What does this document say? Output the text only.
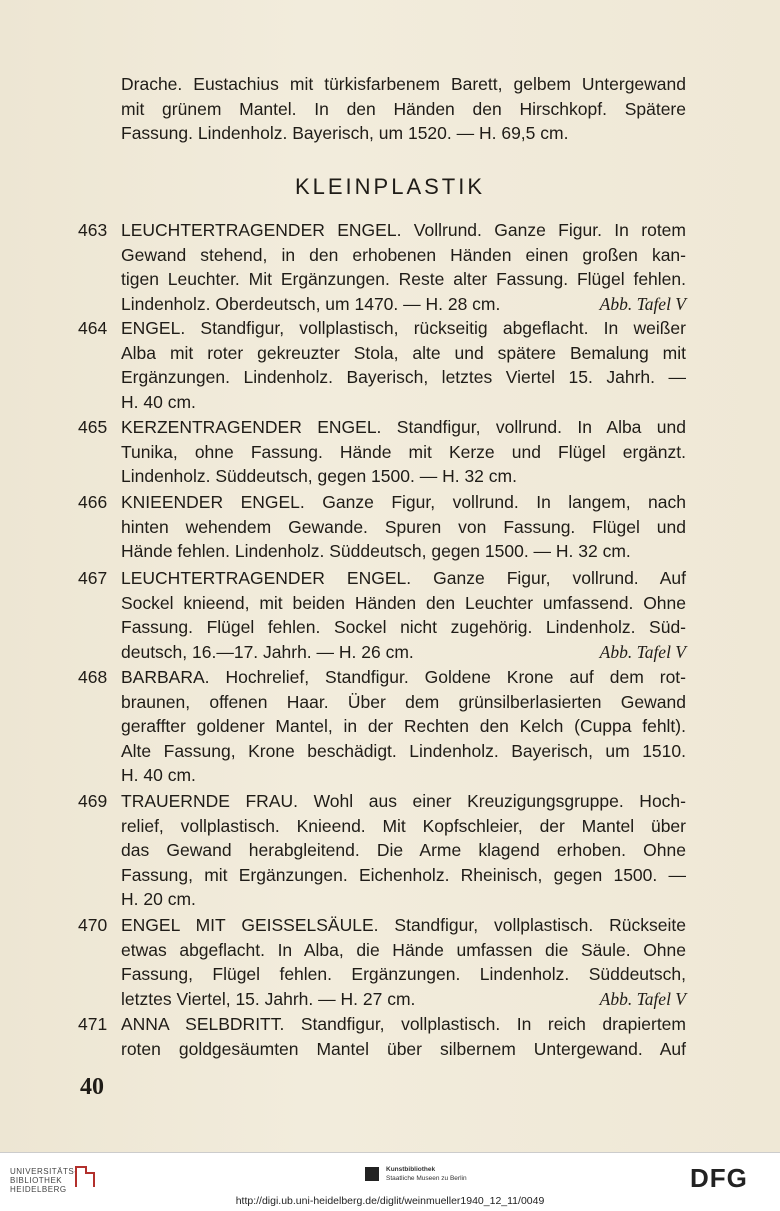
Drache. Eustachius mit türkisfarbenem Barett, gelbem Untergewand
mit grünem Mantel. In den Händen den Hirschkopf. Spätere
Fassung. Lindenholz. Bayerisch, um 1520. — H. 69,5 cm.
KLEINPLASTIK
463 LEUCHTERTRAGENDER ENGEL. Vollrund. Ganze Figur. In rotem
Gewand stehend, in den erhobenen Händen einen großen kan-
tigen Leuchter. Mit Ergänzungen. Reste alter Fassung. Flügel fehlen.
Lindenholz. Oberdeutsch, um 1470. — H. 28 cm.	Abb. Tafel V
464 ENGEL. Standfigur, vollplastisch, rückseitig abgeflacht. In weißer
Alba mit roter gekreuzter Stola, alte und spätere Bemalung mit
Ergänzungen. Lindenholz. Bayerisch, letztes Viertel 15. Jahrh. —
H. 40 cm.
465 KERZENTRAGENDER ENGEL. Standfigur, vollrund. In Alba und
Tunika, ohne Fassung. Hände mit Kerze und Flügel ergänzt.
Lindenholz. Süddeutsch, gegen 1500. — H. 32 cm.
466 KNIEENDER ENGEL. Ganze Figur, vollrund. In langem, nach
hinten wehendem Gewande. Spuren von Fassung. Flügel und
Hände fehlen. Lindenholz. Süddeutsch, gegen 1500. — H. 32 cm.
467 LEUCHTERTRAGENDER ENGEL. Ganze Figur, vollrund. Auf
Sockel knieend, mit beiden Händen den Leuchter umfassend. Ohne
Fassung. Flügel fehlen. Sockel nicht zugehörig. Lindenholz. Süd-
deutsch, 16.—17. Jahrh. — H. 26 cm.	Abb. Tafel V
468 BARBARA. Hochrelief, Standfigur. Goldene Krone auf dem rot-
braunen, offenen Haar. Über dem grünsilberlasierten Gewand
geraffter goldener Mantel, in der Rechten den Kelch (Cuppa fehlt).
Alte Fassung, Krone beschädigt. Lindenholz. Bayerisch, um 1510.
H. 40 cm.
469 TRAUERNDE FRAU. Wohl aus einer Kreuzigungsgruppe. Hoch-
relief, vollplastisch. Knieend. Mit Kopfschleier, der Mantel über
das Gewand herabgleitend. Die Arme klagend erhoben. Ohne
Fassung, mit Ergänzungen. Eichenholz. Rheinisch, gegen 1500. —
H. 20 cm.
470 ENGEL MIT GEISSELSÄULE. Standfigur, vollplastisch. Rückseite
etwas abgeflacht. In Alba, die Hände umfassen die Säule. Ohne
Fassung, Flügel fehlen. Ergänzungen. Lindenholz. Süddeutsch,
letztes Viertel, 15. Jahrh. — H. 27 cm.	Abb. Tafel V
471 ANNA SELBDRITT. Standfigur, vollplastisch. In reich drapiertem
roten goldgesäumten Mantel über silbernem Untergewand. Auf
40
UNIVERSITÄTS-
BIBLIOTHEK
HEIDELBERG
Kunstbibliothek
Staatliche Museen zu Berlin	DFG
http://digi.ub.uni-heidelberg.de/diglit/weinmueller1940_12_11/0049
